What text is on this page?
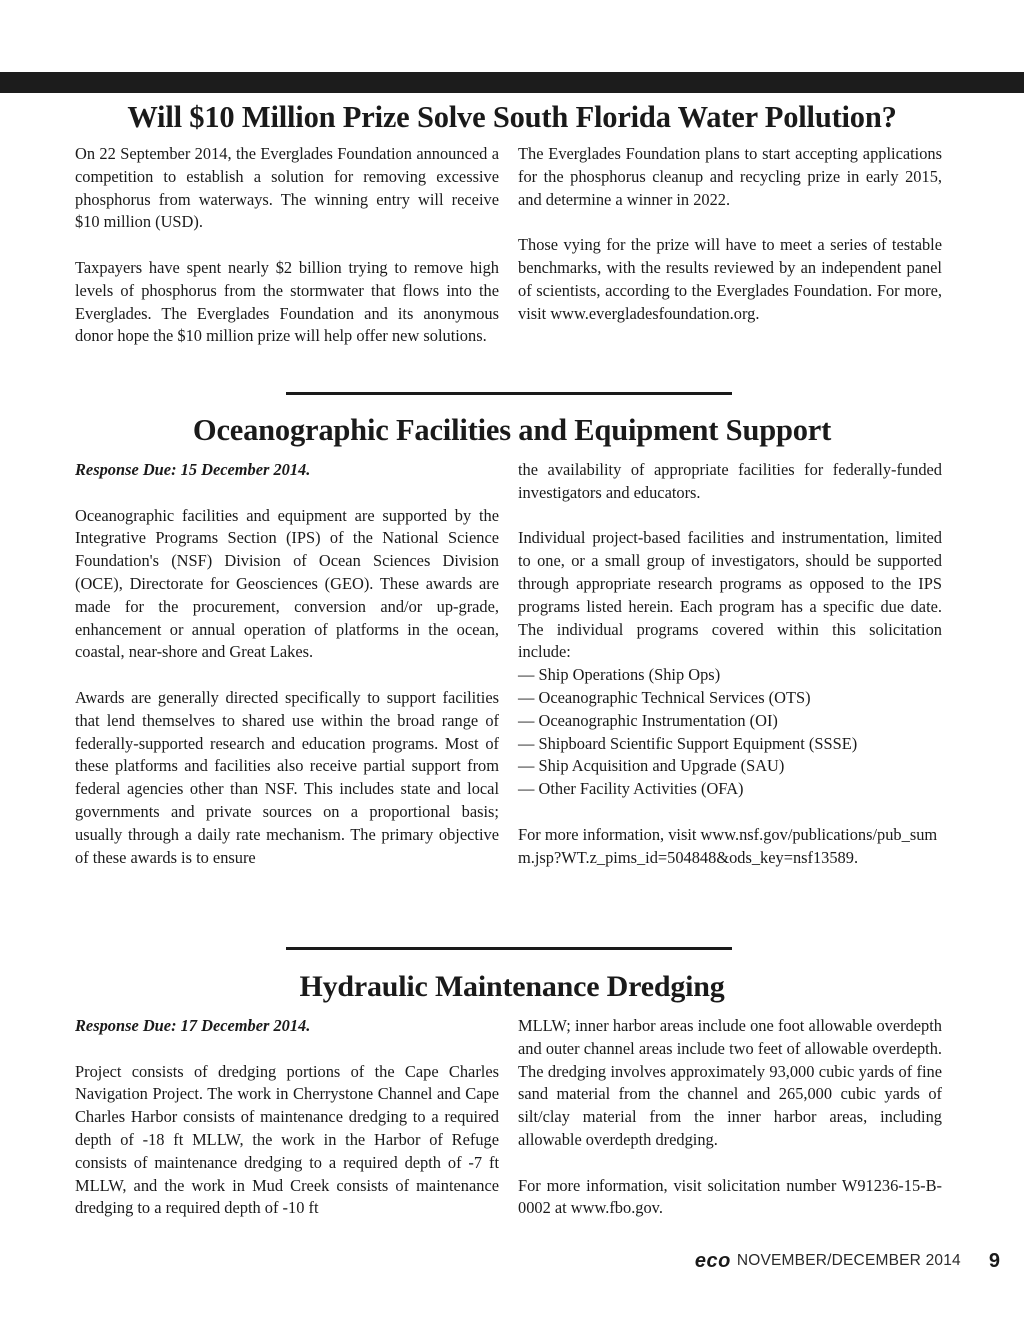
Will $10 Million Prize Solve South Florida Water Pollution?

On 22 September 2014, the Everglades Foundation announced a competition to establish a solution for removing excessive phosphorus from waterways. The winning entry will receive $10 million (USD).

Taxpayers have spent nearly $2 billion trying to remove high levels of phosphorus from the stormwater that flows into the Everglades. The Everglades Foundation and its anonymous donor hope the $10 million prize will help offer new solutions.

The Everglades Foundation plans to start accepting applications for the phosphorus cleanup and recycling prize in early 2015, and determine a winner in 2022.

Those vying for the prize will have to meet a series of testable benchmarks, with the results reviewed by an independent panel of scientists, according to the Everglades Foundation. For more, visit www.evergladesfoundation.org.

Oceanographic Facilities and Equipment Support

Response Due: 15 December 2014.

Oceanographic facilities and equipment are supported by the Integrative Programs Section (IPS) of the National Science Foundation's (NSF) Division of Ocean Sciences Division (OCE), Directorate for Geosciences (GEO). These awards are made for the procurement, conversion and/or up-grade, enhancement or annual operation of platforms in the ocean, coastal, near-shore and Great Lakes.

Awards are generally directed specifically to support facilities that lend themselves to shared use within the broad range of federally-supported research and education programs. Most of these platforms and facilities also receive partial support from federal agencies other than NSF. This includes state and local governments and private sources on a proportional basis; usually through a daily rate mechanism. The primary objective of these awards is to ensure

the availability of appropriate facilities for federally-funded investigators and educators.

Individual project-based facilities and instrumentation, limited to one, or a small group of investigators, should be supported through appropriate research programs as opposed to the IPS programs listed herein. Each program has a specific due date. The individual programs covered within this solicitation include:

— Ship Operations (Ship Ops)
— Oceanographic Technical Services (OTS)
— Oceanographic Instrumentation (OI)
— Shipboard Scientific Support Equipment (SSSE)
— Ship Acquisition and Upgrade (SAU)
— Other Facility Activities (OFA)

For more information, visit www.nsf.gov/publications/pub_summ.jsp?WT.z_pims_id=504848&ods_key=nsf13589.

Hydraulic Maintenance Dredging

Response Due: 17 December 2014.

Project consists of dredging portions of the Cape Charles Navigation Project. The work in Cherrystone Channel and Cape Charles Harbor consists of maintenance dredging to a required depth of -18 ft MLLW, the work in the Harbor of Refuge consists of maintenance dredging to a required depth of -7 ft MLLW, and the work in Mud Creek consists of maintenance dredging to a required depth of -10 ft

MLLW; inner harbor areas include one foot allowable overdepth and outer channel areas include two feet of allowable overdepth. The dredging involves approximately 93,000 cubic yards of fine sand material from the channel and 265,000 cubic yards of silt/clay material from the inner harbor areas, including allowable overdepth dredging.

For more information, visit solicitation number W91236-15-B-0002 at www.fbo.gov.

eco NOVEMBER/DECEMBER 2014 9
